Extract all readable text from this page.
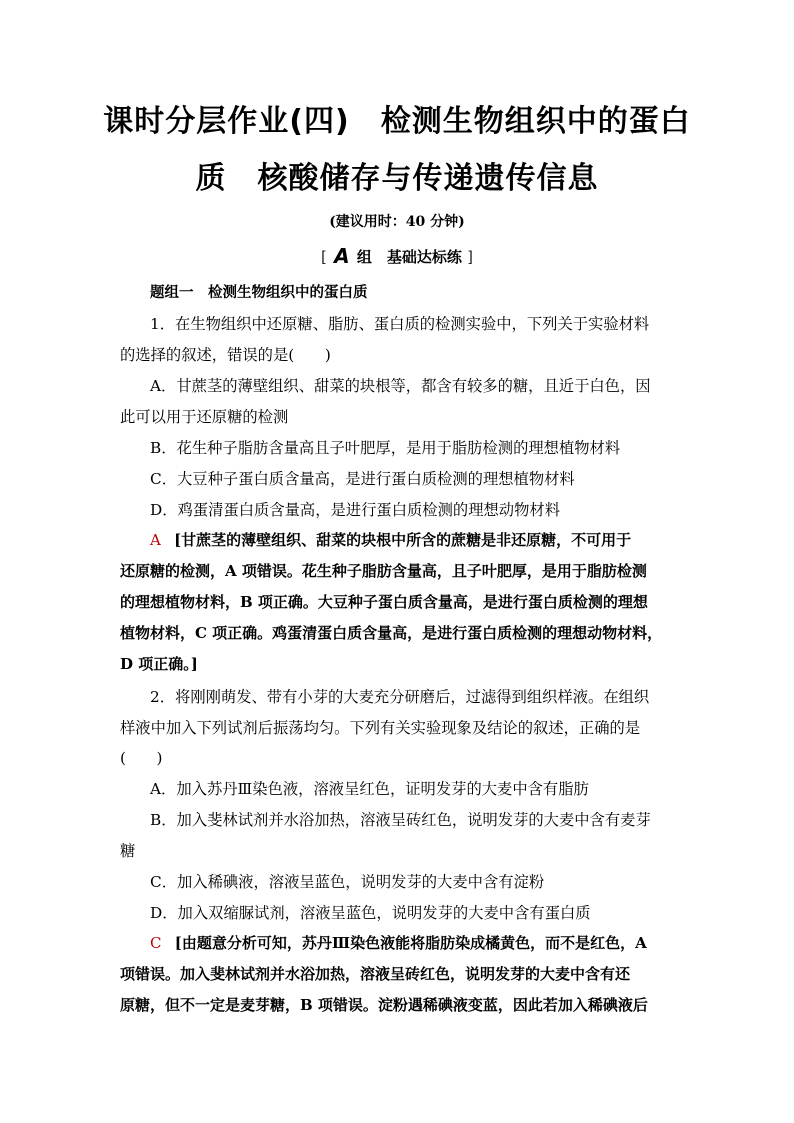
课时分层作业(四)　检测生物组织中的蛋白
质　核酸储存与传递遗传信息
(建议用时：40 分钟)
[ A 组　基础达标练 ]
题组一　检测生物组织中的蛋白质
1．在生物组织中还原糖、脂肪、蛋白质的检测实验中，下列关于实验材料
的选择的叙述，错误的是(　　)
A．甘蔗茎的薄壁组织、甜菜的块根等，都含有较多的糖，且近于白色，因
此可以用于还原糖的检测
B．花生种子脂肪含量高且子叶肥厚，是用于脂肪检测的理想植物材料
C．大豆种子蛋白质含量高，是进行蛋白质检测的理想植物材料
D．鸡蛋清蛋白质含量高，是进行蛋白质检测的理想动物材料
A [甘蔗茎的薄壁组织、甜菜的块根中所含的蔗糖是非还原糖，不可用于
还原糖的检测，A 项错误。花生种子脂肪含量高，且子叶肥厚，是用于脂肪检测
的理想植物材料，B 项正确。大豆种子蛋白质含量高，是进行蛋白质检测的理想
植物材料，C 项正确。鸡蛋清蛋白质含量高，是进行蛋白质检测的理想动物材料，
D 项正确。]
2．将刚刚萌发、带有小芽的大麦充分研磨后，过滤得到组织样液。在组织
样液中加入下列试剂后振荡均匀。下列有关实验现象及结论的叙述，正确的是
(　　)
A．加入苏丹Ⅲ染色液，溶液呈红色，证明发芽的大麦中含有脂肪
B．加入斐林试剂并水浴加热，溶液呈砖红色，说明发芽的大麦中含有麦芽
糖
C．加入稀碘液，溶液呈蓝色，说明发芽的大麦中含有淀粉
D．加入双缩脲试剂，溶液呈蓝色，说明发芽的大麦中含有蛋白质
C [由题意分析可知，苏丹Ⅲ染色液能将脂肪染成橘黄色，而不是红色，A
项错误。加入斐林试剂并水浴加热，溶液呈砖红色，说明发芽的大麦中含有还
原糖，但不一定是麦芽糖，B 项错误。淀粉遇稀碘液变蓝，因此若加入稀碘液后
